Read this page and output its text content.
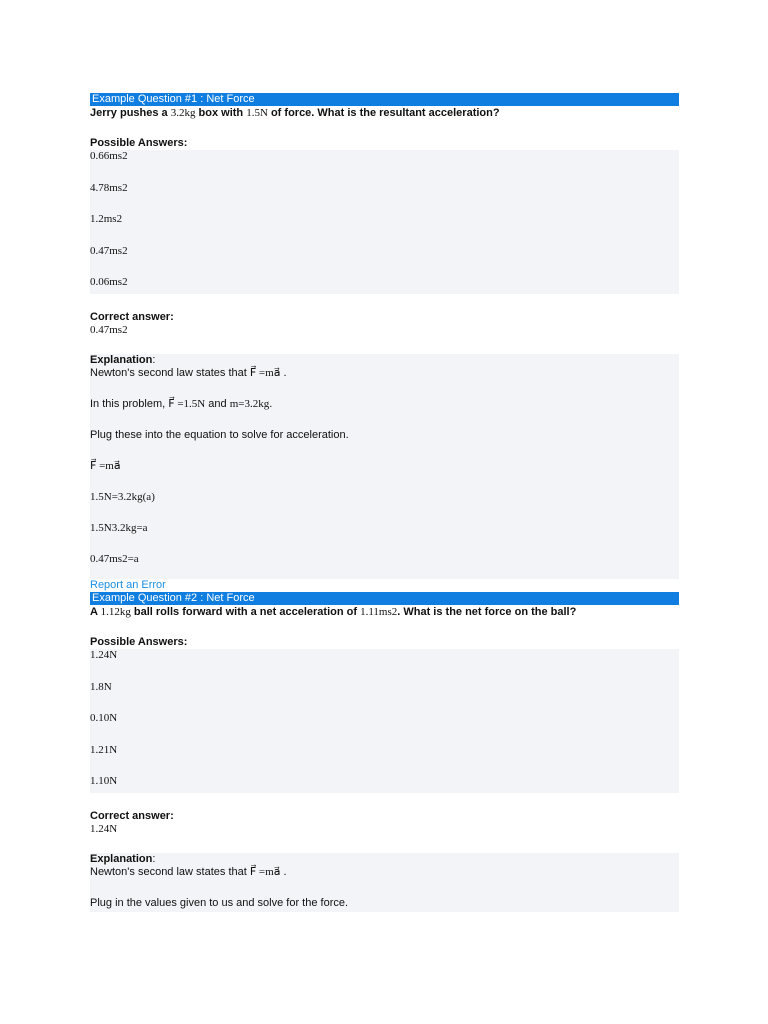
Example Question #1 : Net Force
Jerry pushes a 3.2kg box with 1.5N of force. What is the resultant acceleration?
Possible Answers:
0.66ms2
4.78ms2
1.2ms2
0.47ms2
0.06ms2
Correct answer:
0.47ms2
Explanation:
Newton's second law states that F⃗ =ma⃗ .
In this problem, F⃗ =1.5N and m=3.2kg.
Plug these into the equation to solve for acceleration.
F⃗ =ma⃗
1.5N=3.2kg(a)
1.5N3.2kg=a
0.47ms2=a
Report an Error
Example Question #2 : Net Force
A 1.12kg ball rolls forward with a net acceleration of 1.11ms2. What is the net force on the ball?
Possible Answers:
1.24N
1.8N
0.10N
1.21N
1.10N
Correct answer:
1.24N
Explanation:
Newton's second law states that F⃗ =ma⃗ .
Plug in the values given to us and solve for the force.
